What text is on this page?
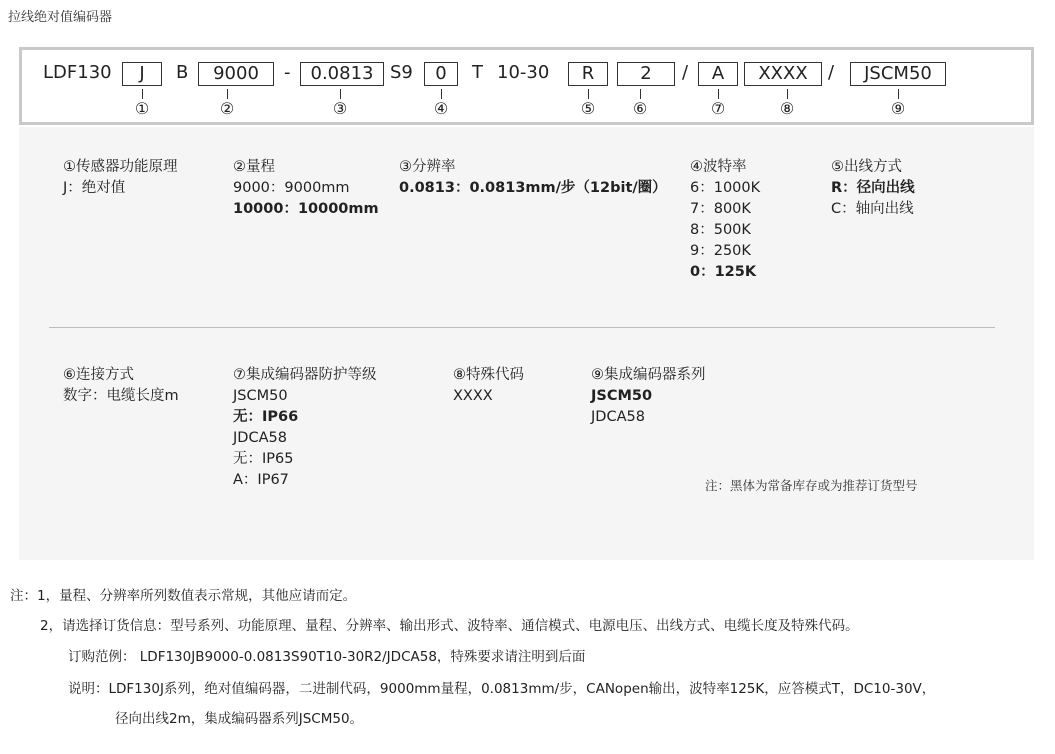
拉线绝对值编码器
LDF130	J	B	9000	-	0.0813 S9	0	T 10-30	R	2	/	A	XXXX	/	JSCM50
①	②	③	④	⑤ ⑥	⑦	⑧	⑨
①传感器功能原理
J：绝对值
②量程
9000：9000mm
10000：10000mm
③分辨率
0.0813：0.0813mm/步（12bit/圈）
④波特率
6：1000K
7：800K
8：500K
9：250K
0：125K
⑤出线方式
R：径向出线
C：轴向出线
⑥连接方式
数字：电缆长度m
⑦集成编码器防护等级
JSCM50
无：IP66
JDCA58
无：IP65
A：IP67
⑧特殊代码
XXXX
⑨集成编码器系列
JSCM50
JDCA58
注：黑体为常备库存或为推荐订货型号
注：1，量程、分辨率所列数值表示常规，其他应请而定。
2，请选择订货信息：型号系列、功能原理、量程、分辨率、输出形式、波特率、通信模式、电源电压、出线方式、电缆长度及特殊代码。
订购范例： LDF130JB9000-0.0813S90T10-30R2/JDCA58，特殊要求请注明到后面
说明：LDF130J系列，绝对值编码器，二进制代码，9000mm量程，0.0813mm/步，CANopen输出，波特率125K，应答模式T，DC10-30V，
径向出线2m，集成编码器系列JSCM50。
